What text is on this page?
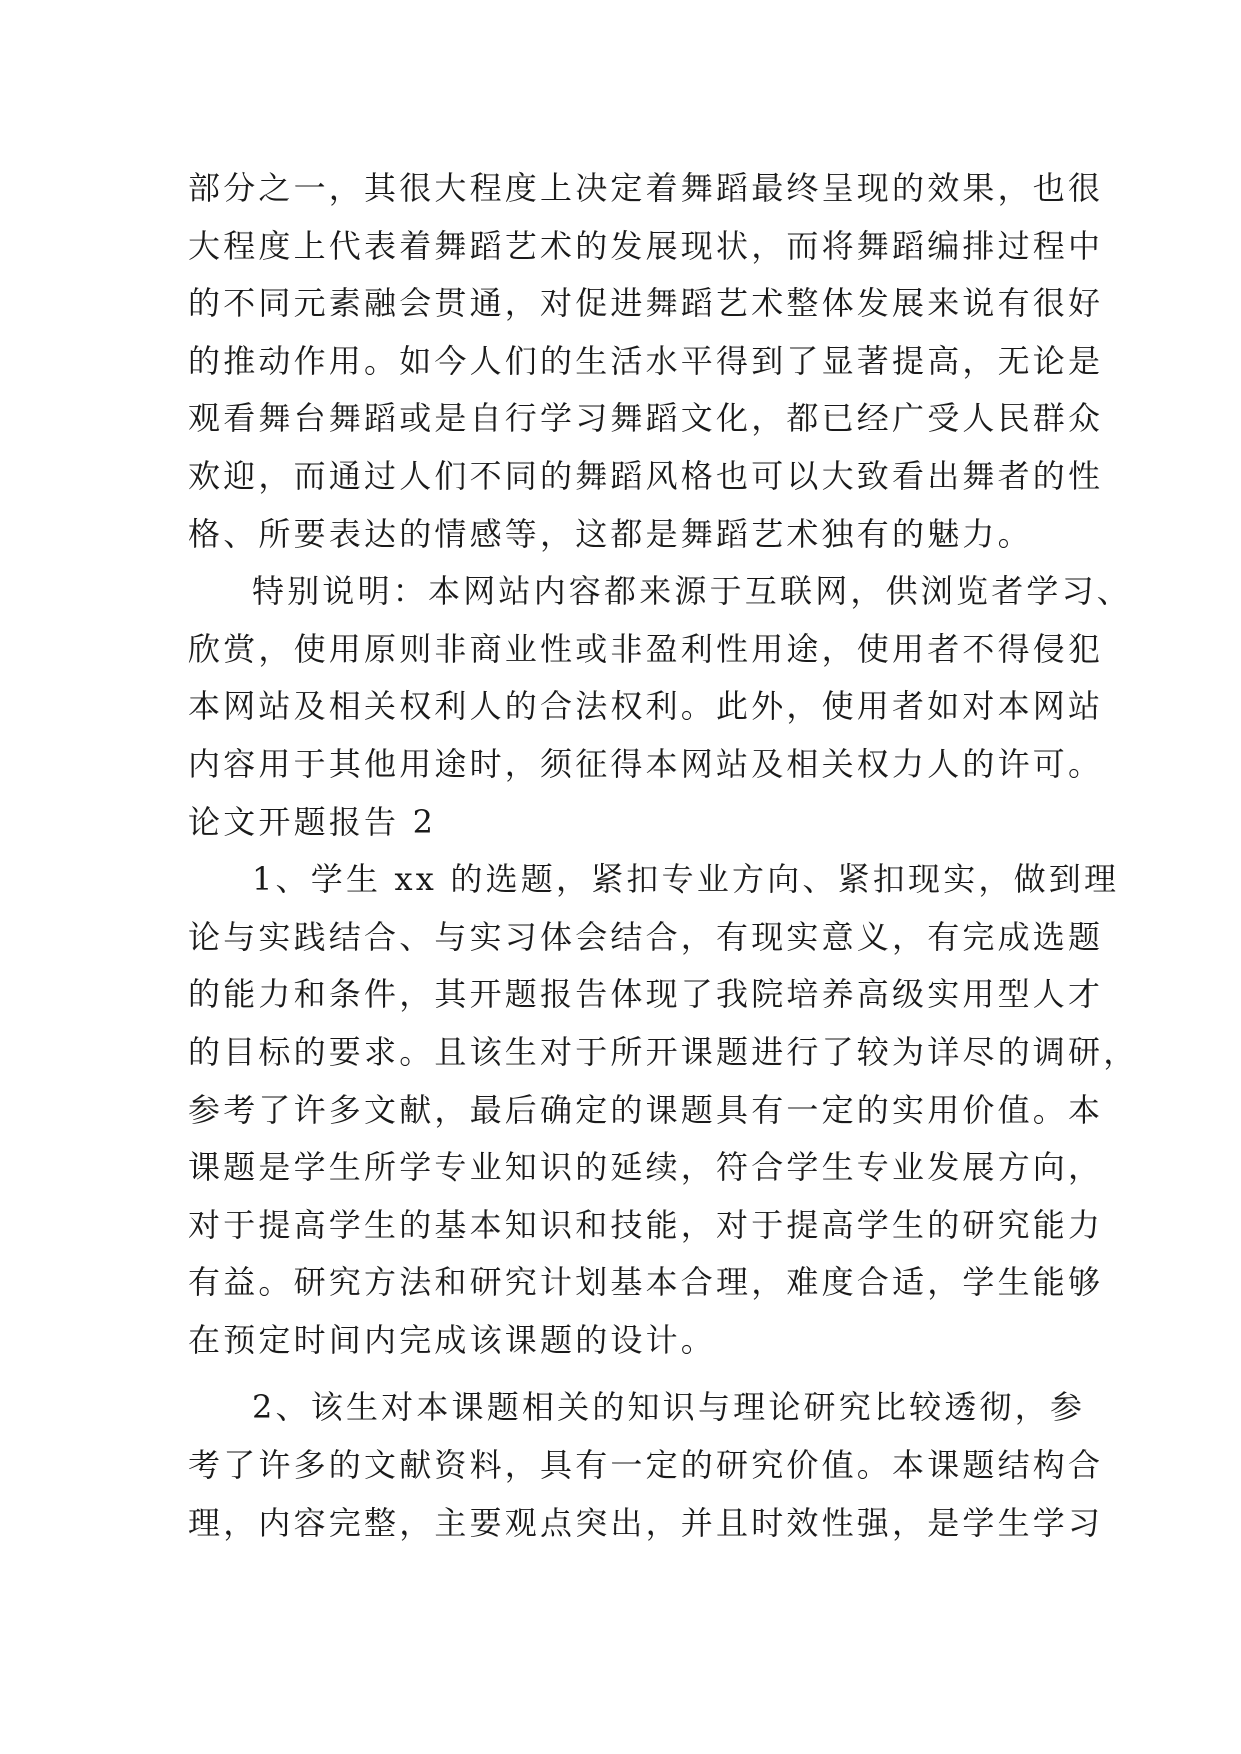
部分之一，其很大程度上决定着舞蹈最终呈现的效果，也很
大程度上代表着舞蹈艺术的发展现状，而将舞蹈编排过程中
的不同元素融会贯通，对促进舞蹈艺术整体发展来说有很好
的推动作用。如今人们的生活水平得到了显著提高，无论是
观看舞台舞蹈或是自行学习舞蹈文化，都已经广受人民群众
欢迎，而通过人们不同的舞蹈风格也可以大致看出舞者的性
格、所要表达的情感等，这都是舞蹈艺术独有的魅力。
特别说明：本网站内容都来源于互联网，供浏览者学习、
欣赏，使用原则非商业性或非盈利性用途，使用者不得侵犯
本网站及相关权利人的合法权利。此外，使用者如对本网站
内容用于其他用途时，须征得本网站及相关权力人的许可。
论文开题报告 2
1、学生 xx 的选题，紧扣专业方向、紧扣现实，做到理
论与实践结合、与实习体会结合，有现实意义，有完成选题
的能力和条件，其开题报告体现了我院培养高级实用型人才
的目标的要求。且该生对于所开课题进行了较为详尽的调研，
参考了许多文献，最后确定的课题具有一定的实用价值。本
课题是学生所学专业知识的延续，符合学生专业发展方向，
对于提高学生的基本知识和技能，对于提高学生的研究能力
有益。研究方法和研究计划基本合理，难度合适，学生能够
在预定时间内完成该课题的设计。
2、该生对本课题相关的知识与理论研究比较透彻，参
考了许多的文献资料，具有一定的研究价值。本课题结构合
理，内容完整，主要观点突出，并且时效性强，是学生学习
